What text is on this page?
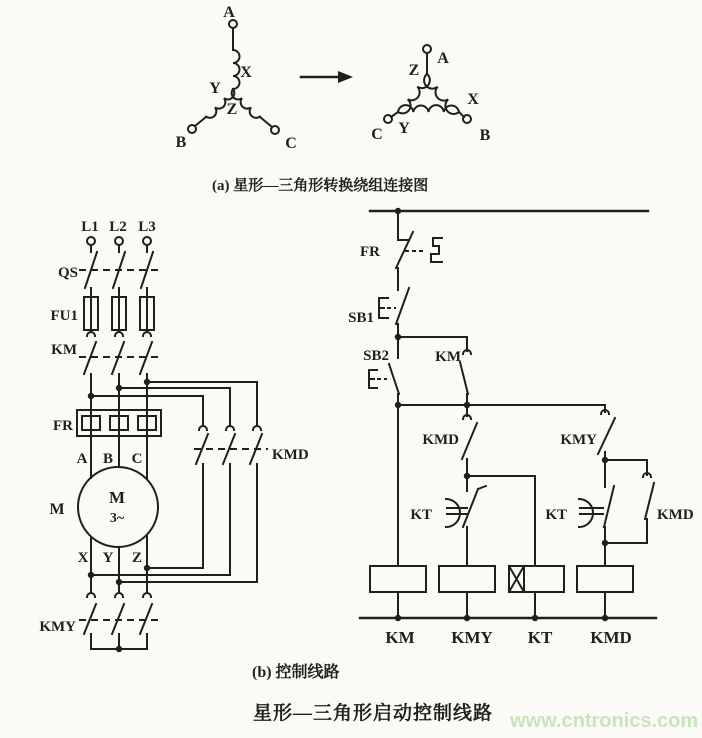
A
B	C
X
Y
Z
A
Z
X
Y
C	B
(a) 星形—三角形转换绕组连接图
L1 L2 L3
QS
FU1
KM
FR
A B C
M
3~
M
X Y Z
KMD
KMY
FR
SB1
SB2	KM
KMD
KT
KMY
KT	KMD
KM KMY KT KMD
(b) 控制线路
星形—三角形启动控制线路 www.cntronics.com
